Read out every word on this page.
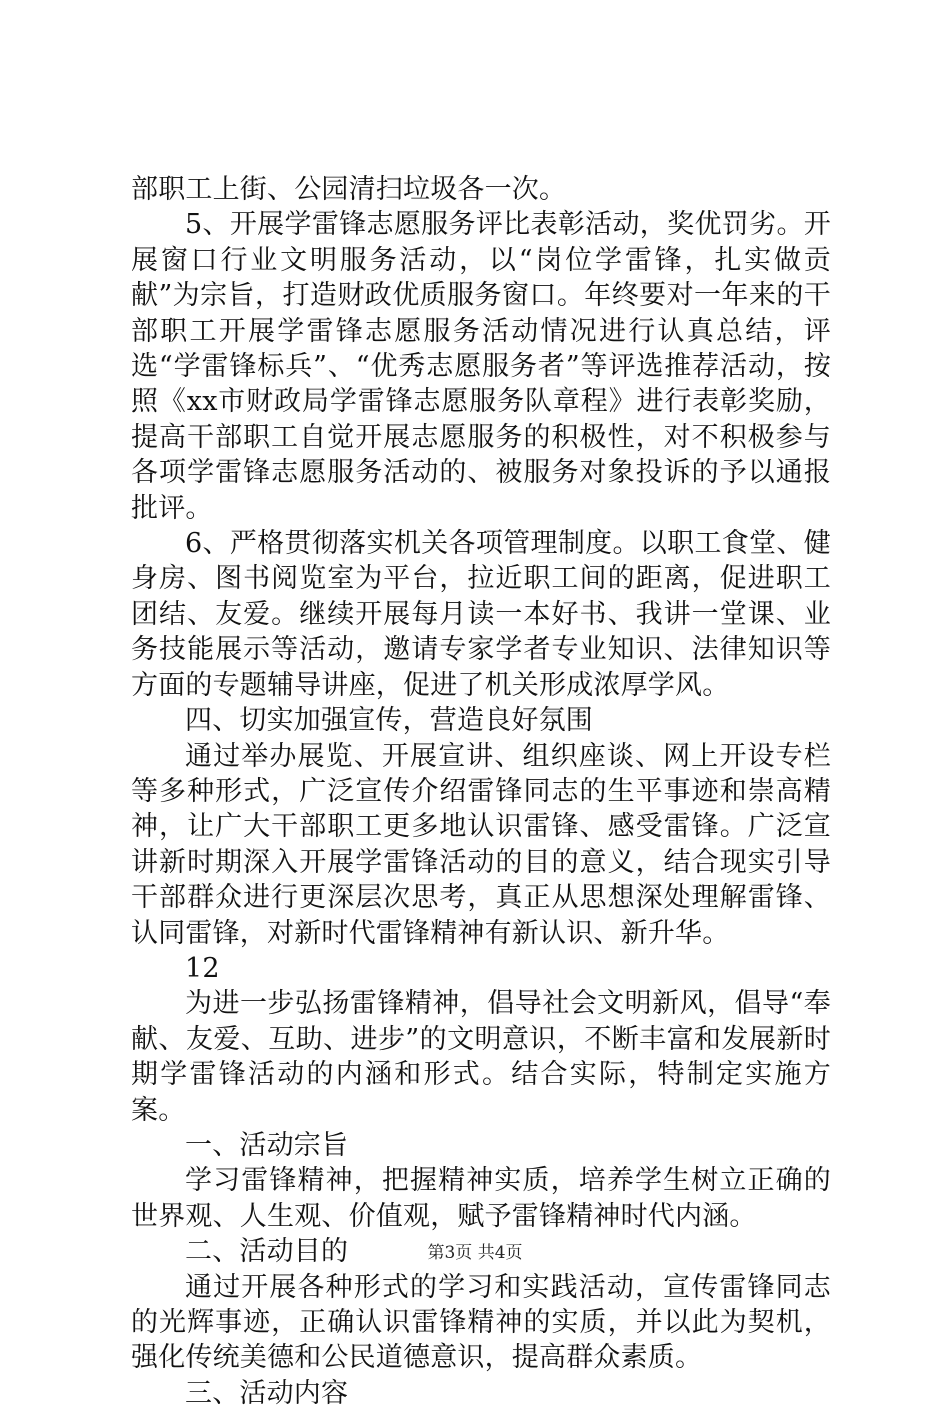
部职工上街、公园清扫垃圾各一次。

5、开展学雷锋志愿服务评比表彰活动，奖优罚劣。开展窗口行业文明服务活动，以“岗位学雷锋，扎实做贡献”为宗旨，打造财政优质服务窗口。年终要对一年来的干部职工开展学雷锋志愿服务活动情况进行认真总结，评选“学雷锋标兵”、“优秀志愿服务者”等评选推荐活动，按照《xx市财政局学雷锋志愿服务队章程》进行表彰奖励，提高干部职工自觉开展志愿服务的积极性，对不积极参与各项学雷锋志愿服务活动的、被服务对象投诉的予以通报批评。

6、严格贯彻落实机关各项管理制度。以职工食堂、健身房、图书阅览室为平台，拉近职工间的距离，促进职工团结、友爱。继续开展每月读一本好书、我讲一堂课、业务技能展示等活动，邀请专家学者专业知识、法律知识等方面的专题辅导讲座，促进了机关形成浓厚学风。

四、切实加强宣传，营造良好氛围

通过举办展览、开展宣讲、组织座谈、网上开设专栏等多种形式，广泛宣传介绍雷锋同志的生平事迹和崇高精神，让广大干部职工更多地认识雷锋、感受雷锋。广泛宣讲新时期深入开展学雷锋活动的目的意义，结合现实引导干部群众进行更深层次思考，真正从思想深处理解雷锋、认同雷锋，对新时代雷锋精神有新认识、新升华。

12

为进一步弘扬雷锋精神，倡导社会文明新风，倡导“奉献、友爱、互助、进步”的文明意识，不断丰富和发展新时期学雷锋活动的内涵和形式。结合实际，特制定实施方案。

一、活动宗旨

学习雷锋精神，把握精神实质，培养学生树立正确的世界观、人生观、价值观，赋予雷锋精神时代内涵。

二、活动目的

通过开展各种形式的学习和实践活动，宣传雷锋同志的光辉事迹，正确认识雷锋精神的实质，并以此为契机，强化传统美德和公民道德意识，提高群众素质。

三、活动内容

第3页 共4页
